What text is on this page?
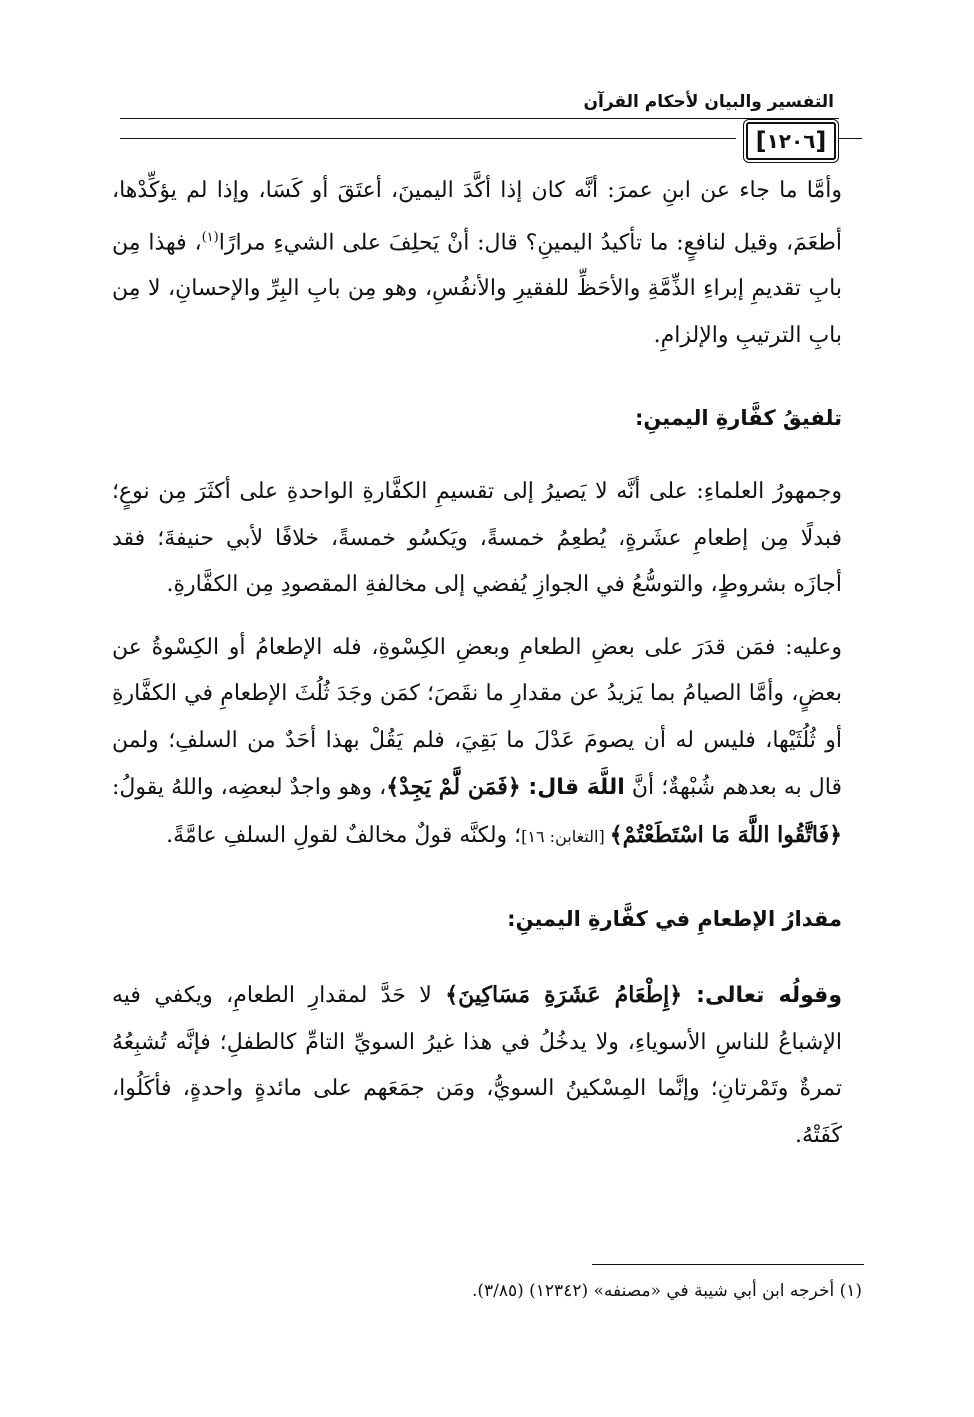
التفسير والبيان لأحكام القرآن
[
١٢٠٦
]

وأمَّا ما جاء عن ابنِ عمرَ: أنَّه كان إذا أكَّدَ اليمينَ، أعتَقَ أو كَسَا، وإذا لم يؤكِّدْها، أطعَمَ، وقيل لنافعٍ: ما تأكيدُ اليمينِ؟ قال: أنْ يَحلِفَ على الشيءِ مرارًا$^{(١)}$، فهذا مِن بابِ تقديمِ إبراءِ الذِّمَّةِ والأحَظِّ للفقيرِ والأنفُسِ، وهو مِن بابِ البِرِّ والإحسانِ، لا مِن بابِ الترتيبِ والإلزامِ.

تلفيقُ كفَّارةِ اليمينِ:

وجمهورُ العلماءِ: على أنَّه لا يَصيرُ إلى تقسيمِ الكفَّارةِ الواحدةِ على أكثَرَ مِن نوعٍ؛ فبدلًا مِن إطعامِ عشَرةٍ، يُطعِمُ خمسةً، ويَكسُو خمسةً، خلافًا لأبي حنيفةَ؛ فقد أجازَه بشروطٍ، والتوسُّعُ في الجوازِ يُفضي إلى مخالفةِ المقصودِ مِن الكفَّارةِ.

وعليه: فمَن قدَرَ على بعضِ الطعامِ وبعضِ الكِسْوةِ، فله الإطعامُ أو الكِسْوةُ عن بعضٍ، وأمَّا الصيامُ بما يَزيدُ عن مقدارِ ما نقَصَ؛ كمَن وجَدَ ثُلُثَ الإطعامِ في الكفَّارةِ أو ثُلُثَيْها، فليس له أن يصومَ عَدْلَ ما بَقِيَ، فلم يَقُلْ بهذا أحَدٌ من السلفِ؛ ولمن قال به بعدهم شُبْهةٌ؛ أنَّ اللَّهَ قال: ﴿فَمَن لَّمْ يَجِدْ﴾، وهو واجدٌ لبعضِه، واللهُ يقولُ: ﴿فَاتَّقُوا اللَّهَ مَا اسْتَطَعْتُمْ﴾ [التغابن: ١٦]؛ ولكنَّه قولٌ مخالفٌ لقولِ السلفِ عامَّةً.

مقدارُ الإطعامِ في كفَّارةِ اليمينِ:

وقولُه تعالى: ﴿إِطْعَامُ عَشَرَةِ مَسَاكِينَ﴾ لا حَدَّ لمقدارِ الطعامِ، ويكفي فيه الإشباعُ للناسِ الأسوياءِ، ولا يدخُلُ في هذا غيرُ السويِّ التامِّ كالطفلِ؛ فإنَّه تُشبِعُهُ تمرةٌ وتَمْرتانِ؛ وإنَّما المِسْكينُ السويُّ، ومَن جمَعَهم على مائدةٍ واحدةٍ، فأكَلُوا، كَفَتْهُ.

(١) أخرجه ابن أبي شيبة في «مصنفه» (١٢٣٤٢) (٣/٨٥).
